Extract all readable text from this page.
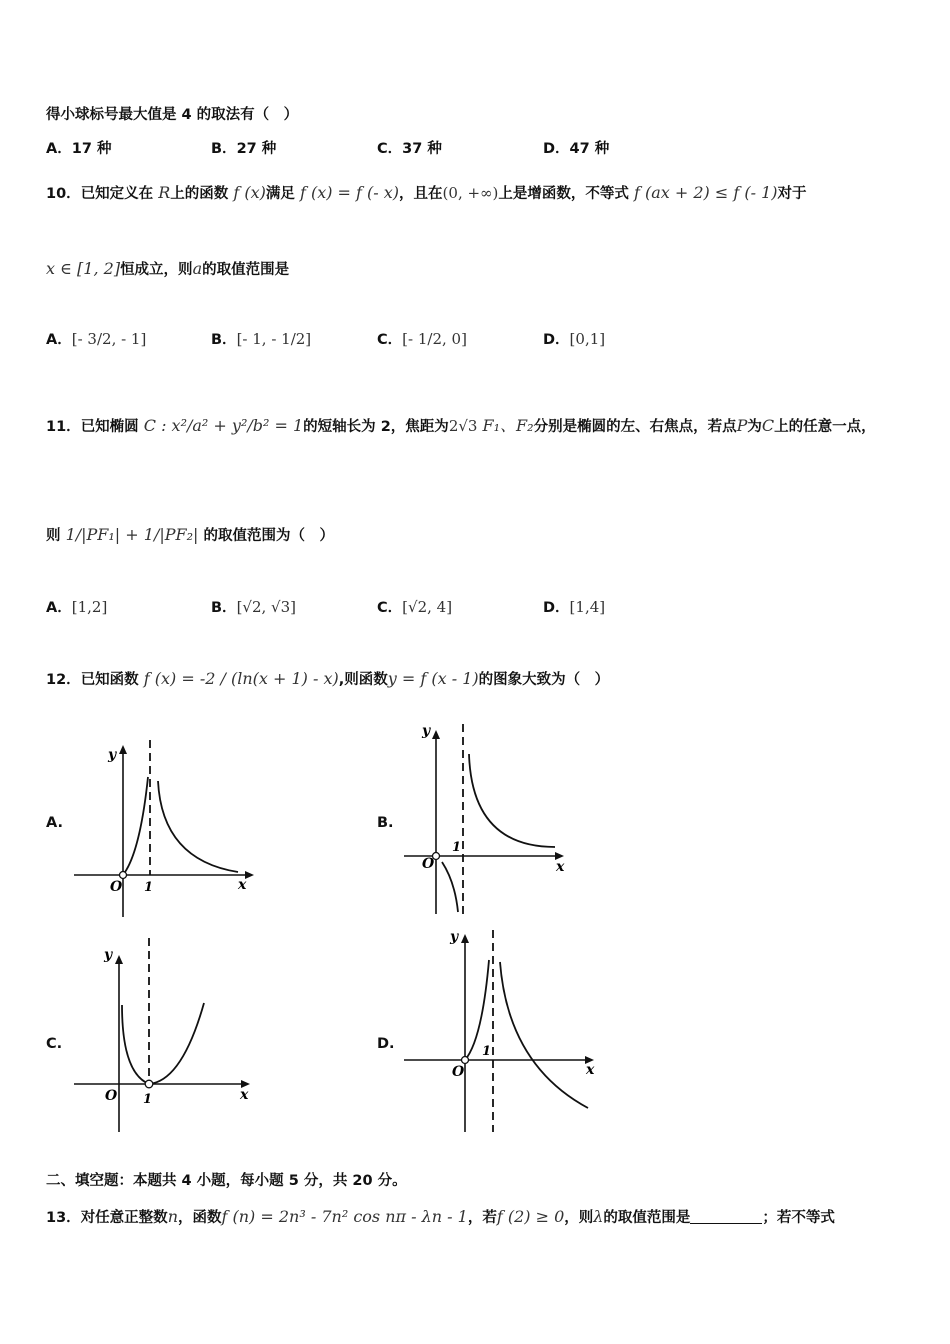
得小球标号最大值是 4 的取法有（　）
A．17 种	B．27 种	C．37 种	D．47 种
10．已知定义在 R上的函数 f (x)满足 f (x) = f (- x)，且在(0, +∞)上是增函数，不等式 f (ax + 2) ≤ f (- 1)对于
x ∈ [1, 2]恒成立，则a的取值范围是
A．[- 3/2, - 1]	B．[- 1, - 1/2]	C．[- 1/2, 0]	D．[0,1]
11．已知椭圆 C : x²/a² + y²/b² = 1的短轴长为 2，焦距为2√3 F₁、F₂分别是椭圆的左、右焦点，若点P为C上的任意一点，
则 1/|PF₁| + 1/|PF₂| 的取值范围为（　）
A．[1,2]	B．[√2, √3]	C．[√2, 4]	D．[1,4]
12．已知函数 f (x) = -2 / (ln(x + 1) - x),则函数y = f (x - 1)的图象大致为（　）
A.	B.
C.	D.
O 1	x
y
O
1
x
y
O 1	x
y
O
1
x
y
二、填空题：本题共 4 小题，每小题 5 分，共 20 分。
13．对任意正整数n，函数f (n) = 2n³ - 7n² cos nπ - λn - 1，若f (2) ≥ 0，则λ的取值范围是	；若不等式
